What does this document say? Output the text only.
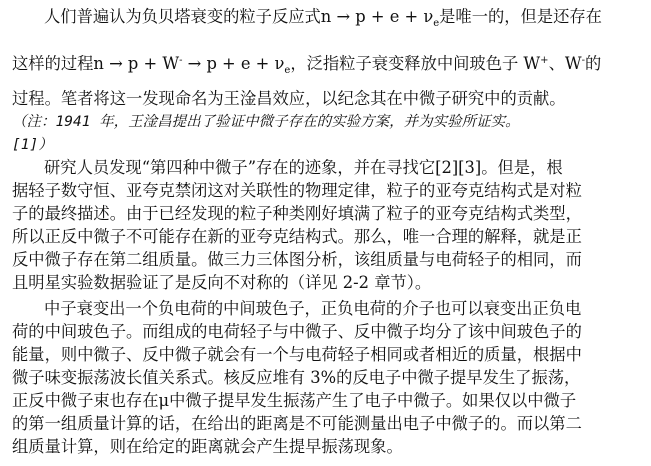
人们普遍认为负贝塔衰变的粒子反应式$n \to p + e + \nu_e$是唯一的，但是还存在
这样的过程$n \to p + W^- \to p + e + \nu_e$，泛指粒子衰变释放中间玻色子 W+、W-的
过程。笔者将这一发现命名为王淦昌效应，以纪念其在中微子研究中的贡献。
（注：1941 年，王淦昌提出了验证中微子存在的实验方案，并为实验所证实。
[1]）
研究人员发现“第四种中微子”存在的迹象，并在寻找它[2][3]。但是，根
据轻子数守恒、亚夸克禁闭这对关联性的物理定律，粒子的亚夸克结构式是对粒
子的最终描述。由于已经发现的粒子种类刚好填满了粒子的亚夸克结构式类型，
所以正反中微子不可能存在新的亚夸克结构式。那么，唯一合理的解释，就是正
反中微子存在第二组质量。做三力三体图分析，该组质量与电荷轻子的相同，而
且明星实验数据验证了是反向不对称的（详见 2-2 章节）。
中子衰变出一个负电荷的中间玻色子，正负电荷的介子也可以衰变出正负电
荷的中间玻色子。而组成的电荷轻子与中微子、反中微子均分了该中间玻色子的
能量，则中微子、反中微子就会有一个与电荷轻子相同或者相近的质量，根据中
微子味变振荡波长值关系式。核反应堆有 3%的反电子中微子提早发生了振荡，
正反中微子束也存在μ中微子提早发生振荡产生了电子中微子。如果仅以中微子
的第一组质量计算的话，在给出的距离是不可能测量出电子中微子的。而以第二
组质量计算，则在给定的距离就会产生提早振荡现象。
